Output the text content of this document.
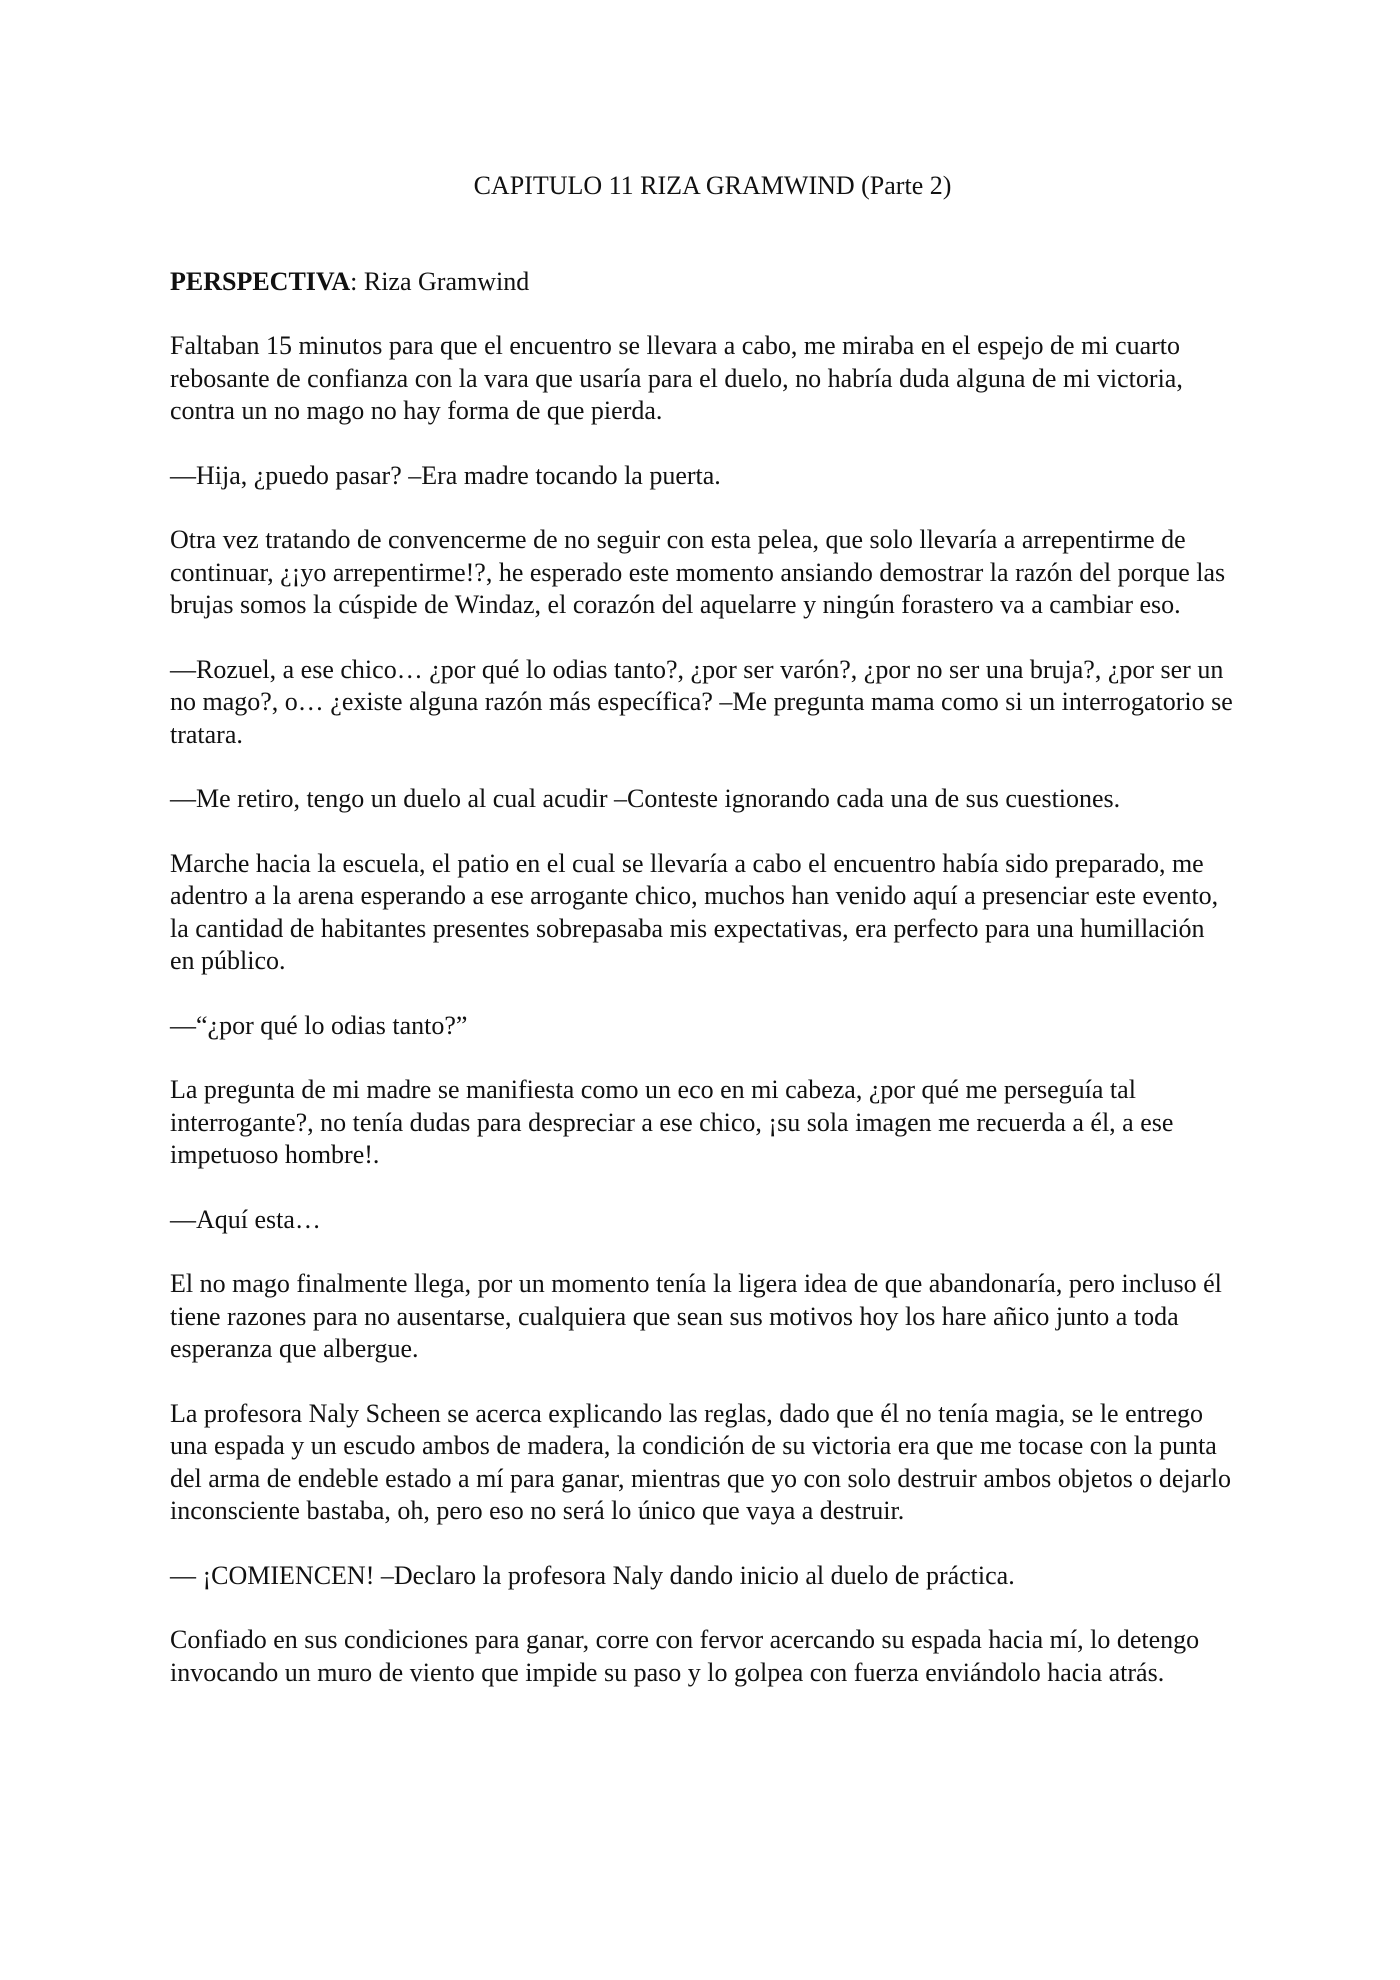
CAPITULO 11 RIZA GRAMWIND (Parte 2)
PERSPECTIVA: Riza Gramwind

Faltaban 15 minutos para que el encuentro se llevara a cabo, me miraba en el espejo de mi cuarto rebosante de confianza con la vara que usaría para el duelo, no habría duda alguna de mi victoria, contra un no mago no hay forma de que pierda.

—Hija, ¿puedo pasar? –Era madre tocando la puerta.

Otra vez tratando de convencerme de no seguir con esta pelea, que solo llevaría a arrepentirme de continuar, ¿¡yo arrepentirme!?, he esperado este momento ansiando demostrar la razón del porque las brujas somos la cúspide de Windaz, el corazón del aquelarre y ningún forastero va a cambiar eso.

—Rozuel, a ese chico… ¿por qué lo odias tanto?, ¿por ser varón?, ¿por no ser una bruja?, ¿por ser un no mago?, o… ¿existe alguna razón más específica? –Me pregunta mama como si un interrogatorio se tratara.

—Me retiro, tengo un duelo al cual acudir –Conteste ignorando cada una de sus cuestiones.

Marche hacia la escuela, el patio en el cual se llevaría a cabo el encuentro había sido preparado, me adentro a la arena esperando a ese arrogante chico, muchos han venido aquí a presenciar este evento, la cantidad de habitantes presentes sobrepasaba mis expectativas, era perfecto para una humillación en público.

—“¿por qué lo odias tanto?”

La pregunta de mi madre se manifiesta como un eco en mi cabeza, ¿por qué me perseguía tal interrogante?, no tenía dudas para despreciar a ese chico, ¡su sola imagen me recuerda a él, a ese impetuoso hombre!.

—Aquí esta…

El no mago finalmente llega, por un momento tenía la ligera idea de que abandonaría, pero incluso él tiene razones para no ausentarse, cualquiera que sean sus motivos hoy los hare añico junto a toda esperanza que albergue.

La profesora Naly Scheen se acerca explicando las reglas, dado que él no tenía magia, se le entrego una espada y un escudo ambos de madera, la condición de su victoria era que me tocase con la punta del arma de endeble estado a mí para ganar, mientras que yo con solo destruir ambos objetos o dejarlo inconsciente bastaba, oh, pero eso no será lo único que vaya a destruir.

— ¡COMIENCEN! –Declaro la profesora Naly dando inicio al duelo de práctica.

Confiado en sus condiciones para ganar, corre con fervor acercando su espada hacia mí, lo detengo invocando un muro de viento que impide su paso y lo golpea con fuerza enviándolo hacia atrás.
